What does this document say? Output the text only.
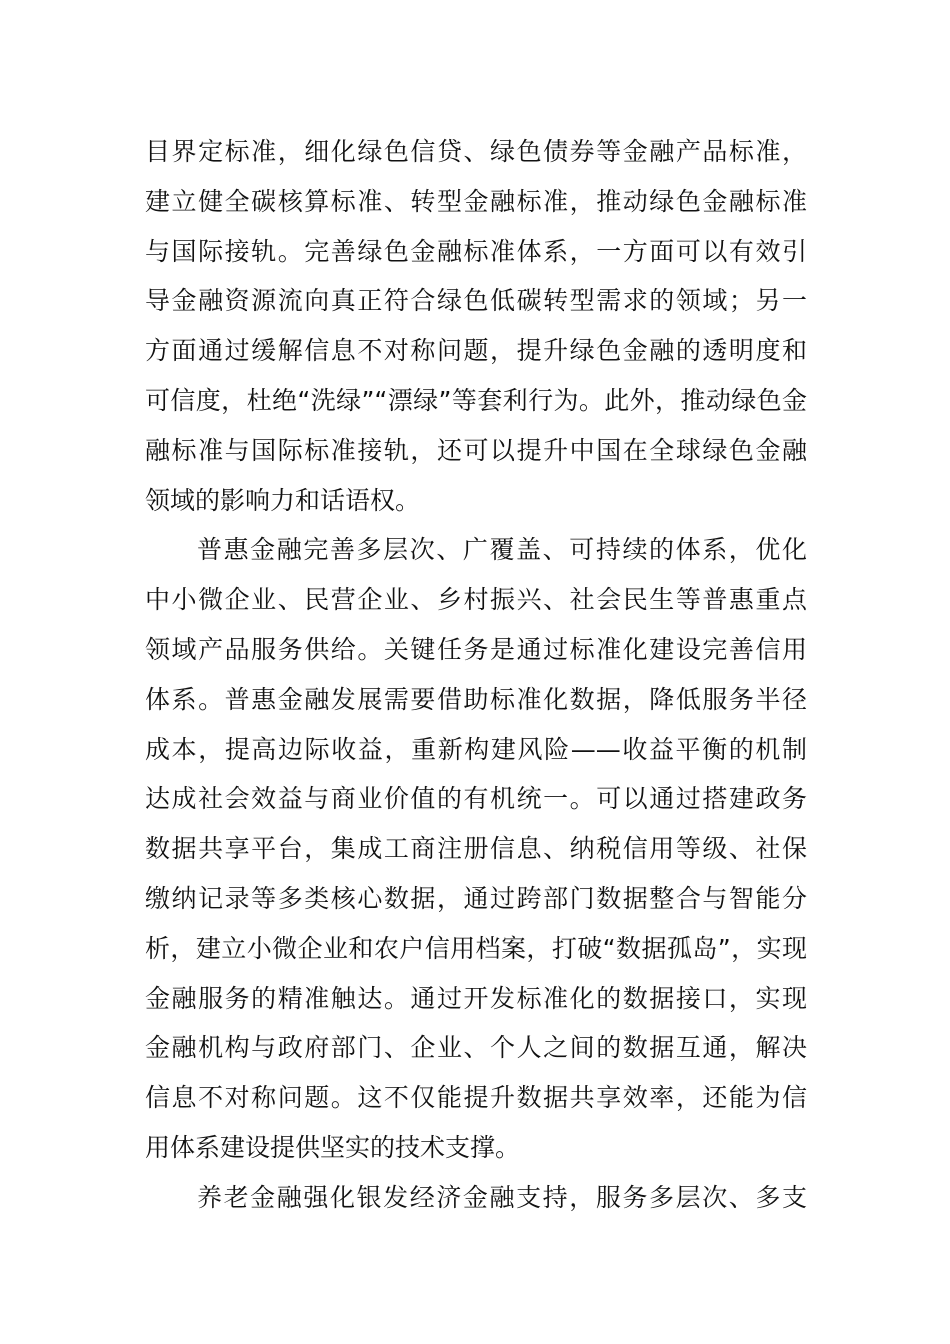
目界定标准，细化绿色信贷、绿色债券等金融产品标准，
建立健全碳核算标准、转型金融标准，推动绿色金融标准
与国际接轨。完善绿色金融标准体系，一方面可以有效引
导金融资源流向真正符合绿色低碳转型需求的领域；另一
方面通过缓解信息不对称问题，提升绿色金融的透明度和
可信度，杜绝“洗绿”“漂绿”等套利行为。此外，推动绿色金
融标准与国际标准接轨，还可以提升中国在全球绿色金融
领域的影响力和话语权。
普惠金融完善多层次、广覆盖、可持续的体系，优化
中小微企业、民营企业、乡村振兴、社会民生等普惠重点
领域产品服务供给。关键任务是通过标准化建设完善信用
体系。普惠金融发展需要借助标准化数据，降低服务半径
成本，提高边际收益，重新构建风险——收益平衡的机制
达成社会效益与商业价值的有机统一。可以通过搭建政务
数据共享平台，集成工商注册信息、纳税信用等级、社保
缴纳记录等多类核心数据，通过跨部门数据整合与智能分
析，建立小微企业和农户信用档案，打破“数据孤岛”，实现
金融服务的精准触达。通过开发标准化的数据接口，实现
金融机构与政府部门、企业、个人之间的数据互通，解决
信息不对称问题。这不仅能提升数据共享效率，还能为信
用体系建设提供坚实的技术支撑。
养老金融强化银发经济金融支持，服务多层次、多支
